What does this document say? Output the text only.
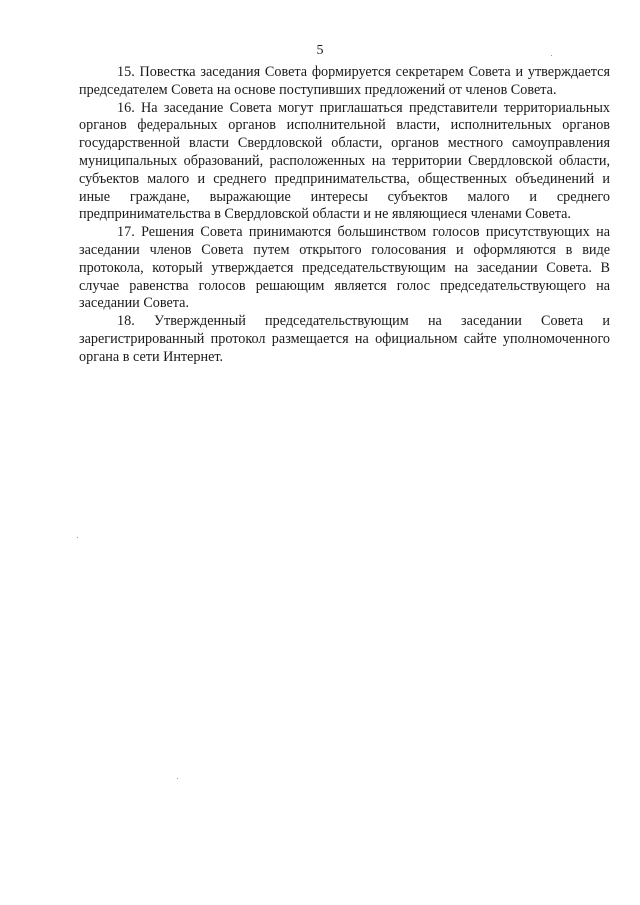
5

15. Повестка заседания Совета формируется секретарем Совета и утверждается председателем Совета на основе поступивших предложений от членов Совета.

16. На заседание Совета могут приглашаться представители территориальных органов федеральных органов исполнительной власти, исполнительных органов государственной власти Свердловской области, органов местного самоуправления муниципальных образований, расположенных на территории Свердловской области, субъектов малого и среднего предпринимательства, общественных объединений и иные граждане, выражающие интересы субъектов малого и среднего предпринимательства в Свердловской области и не являющиеся членами Совета.

17. Решения Совета принимаются большинством голосов присутствующих на заседании членов Совета путем открытого голосования и оформляются в виде протокола, который утверждается председательствующим на заседании Совета. В случае равенства голосов решающим является голос председательствующего на заседании Совета.

18. Утвержденный председательствующим на заседании Совета и зарегистрированный протокол размещается на официальном сайте уполномоченного органа в сети Интернет.
